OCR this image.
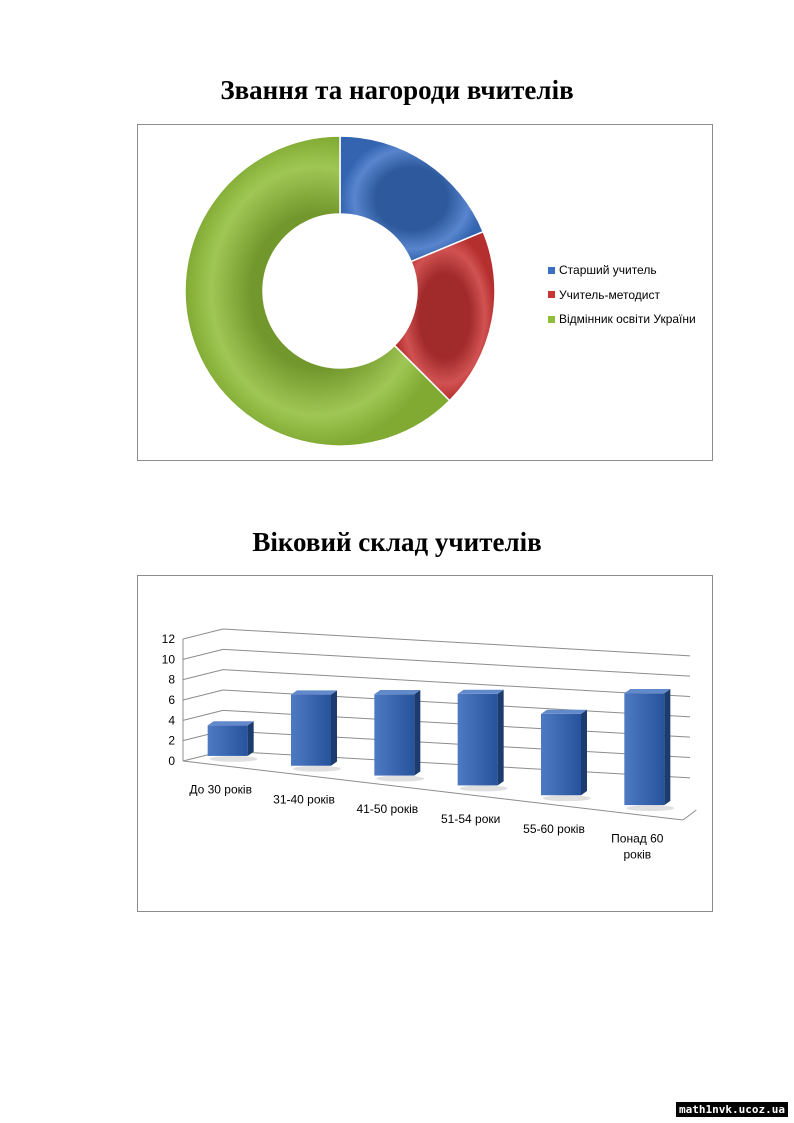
Звання та нагороди вчителів
Старший учитель
Учитель-методист
Відмінник освіти України
Віковий склад учителів
0
2
4
6
8
10
12
До 30 років
31-40 років
41-50 років
51-54 роки
55-60 років
Понад 60 років
math1nvk.ucoz.ua
